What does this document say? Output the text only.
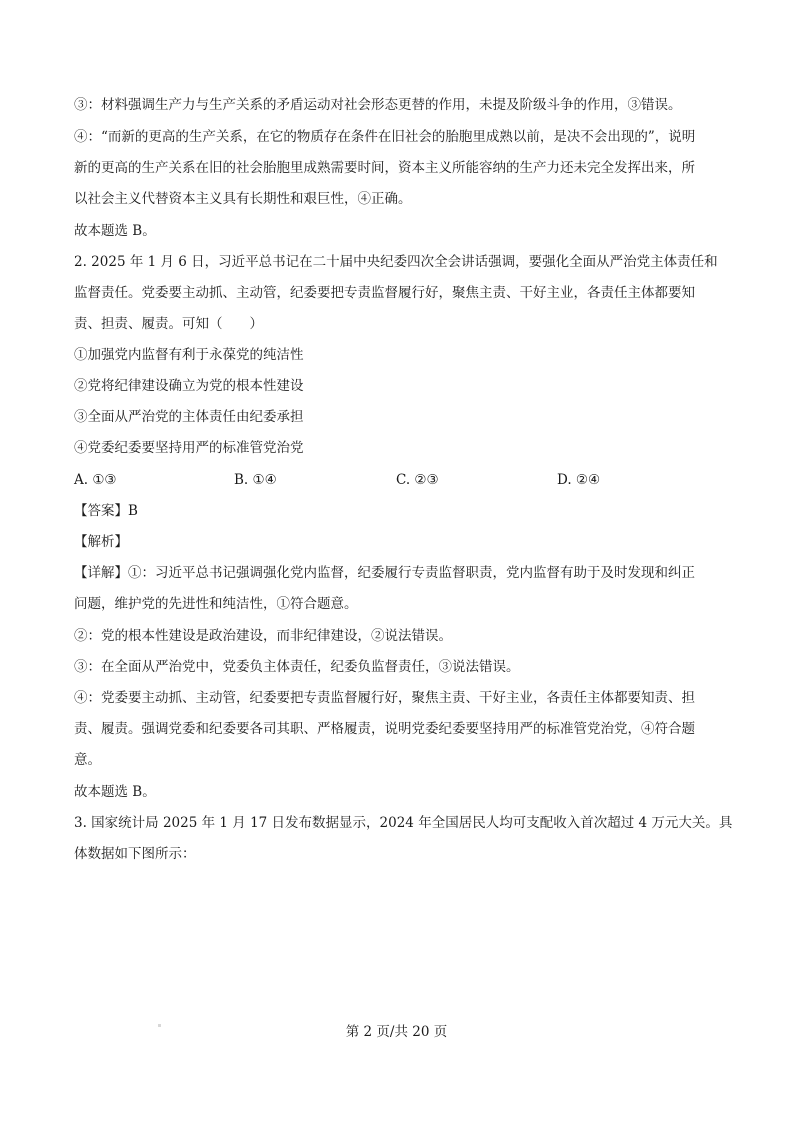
③：材料强调生产力与生产关系的矛盾运动对社会形态更替的作用，未提及阶级斗争的作用，③错误。
④：“而新的更高的生产关系，在它的物质存在条件在旧社会的胎胞里成熟以前，是决不会出现的”，说明
新的更高的生产关系在旧的社会胎胞里成熟需要时间，资本主义所能容纳的生产力还未完全发挥出来，所
以社会主义代替资本主义具有长期性和艰巨性，④正确。
故本题选 B。
2. 2025 年 1 月 6 日，习近平总书记在二十届中央纪委四次全会讲话强调，要强化全面从严治党主体责任和
监督责任。党委要主动抓、主动管，纪委要把专责监督履行好，聚焦主责、干好主业，各责任主体都要知
责、担责、履责。可知（　　）
①加强党内监督有利于永葆党的纯洁性
②党将纪律建设确立为党的根本性建设
③全面从严治党的主体责任由纪委承担
④党委纪委要坚持用严的标准管党治党
A. ①③	B. ①④	C. ②③	D. ②④
【答案】B
【解析】
【详解】①：习近平总书记强调强化党内监督，纪委履行专责监督职责，党内监督有助于及时发现和纠正
问题，维护党的先进性和纯洁性，①符合题意。
②：党的根本性建设是政治建设，而非纪律建设，②说法错误。
③：在全面从严治党中，党委负主体责任，纪委负监督责任，③说法错误。
④：党委要主动抓、主动管，纪委要把专责监督履行好，聚焦主责、干好主业，各责任主体都要知责、担
责、履责。强调党委和纪委要各司其职、严格履责，说明党委纪委要坚持用严的标准管党治党，④符合题
意。
故本题选 B。
3. 国家统计局 2025 年 1 月 17 日发布数据显示，2024 年全国居民人均可支配收入首次超过 4 万元大关。具
体数据如下图所示：
第 2 页/共 20 页
